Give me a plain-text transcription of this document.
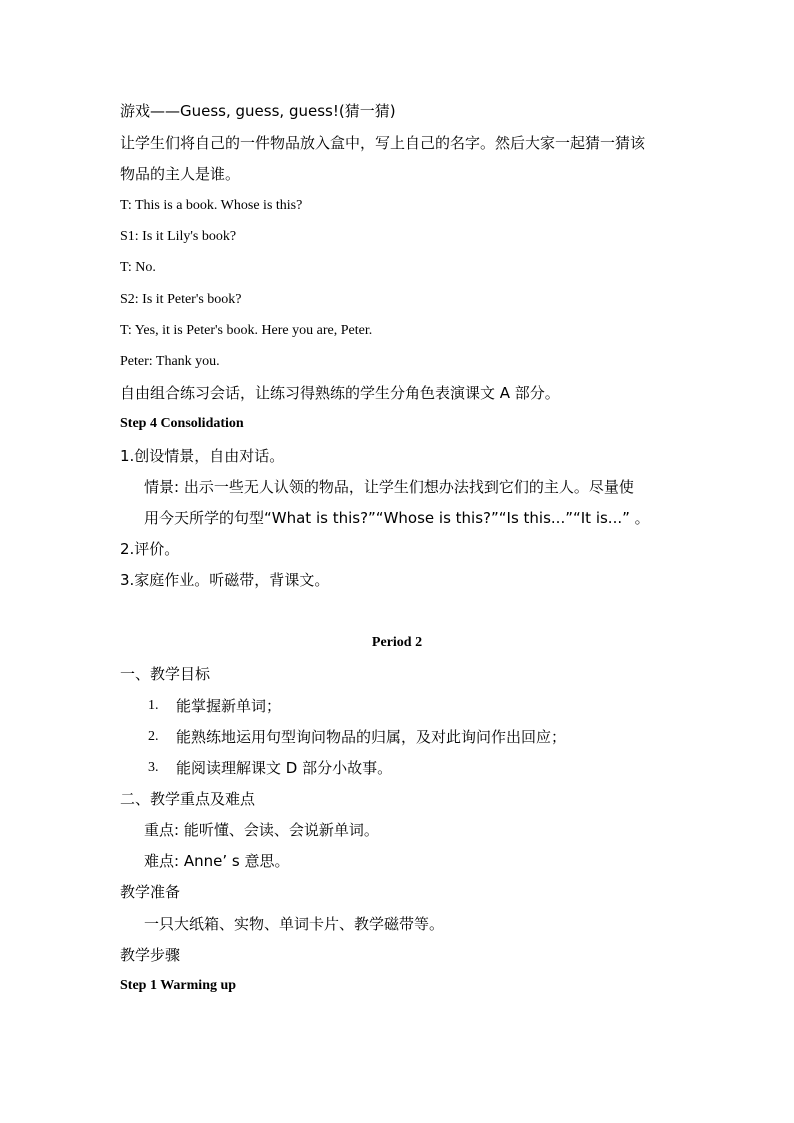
游戏——Guess, guess, guess!(猜一猜)
让学生们将自己的一件物品放入盒中，写上自己的名字。然后大家一起猜一猜该
物品的主人是谁。
T: This is a book. Whose is this?
S1: Is it Lily's book?
T: No.
S2: Is it Peter's book?
T: Yes, it is Peter's book. Here you are, Peter.
Peter: Thank you.
自由组合练习会话，让练习得熟练的学生分角色表演课文 A 部分。
Step 4 Consolidation
1.创设情景，自由对话。
情景: 出示一些无人认领的物品，让学生们想办法找到它们的主人。尽量使
用今天所学的句型“What is this?”“Whose is this?”“Is this...”“It is...” 。
2.评价。
3.家庭作业。听磁带，背课文。
Period 2
一、教学目标
1. 能掌握新单词；
2. 能熟练地运用句型询问物品的归属，及对此询问作出回应；
3. 能阅读理解课文 D 部分小故事。
二、教学重点及难点
重点: 能听懂、会读、会说新单词。
难点: Anne’ s 意思。
教学准备
一只大纸箱、实物、单词卡片、教学磁带等。
教学步骤
Step 1 Warming up
